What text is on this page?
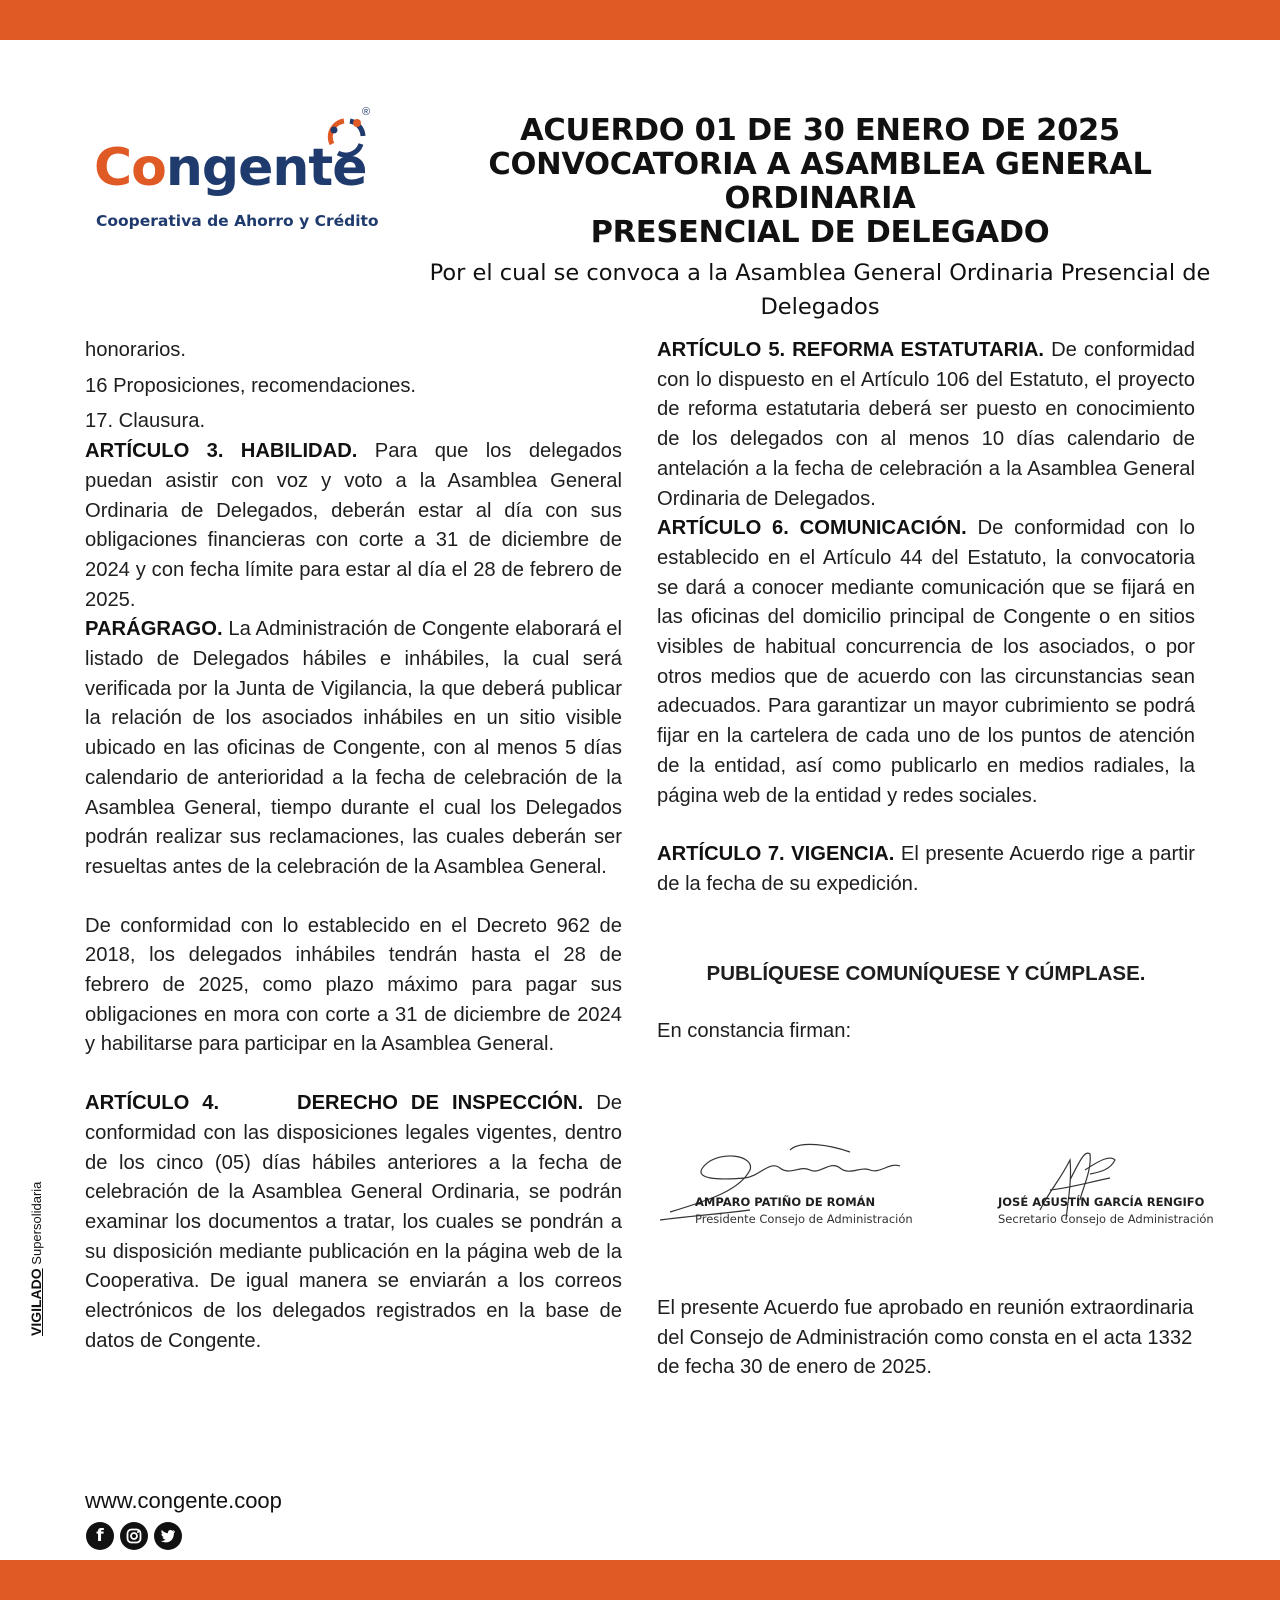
®
Congente
Cooperativa de Ahorro y Crédito
ACUERDO 01 DE 30 ENERO DE 2025
CONVOCATORIA A ASAMBLEA GENERAL ORDINARIA
PRESENCIAL DE DELEGADO
Por el cual se convoca a la Asamblea General Ordinaria Presencial de
Delegados

honorarios.

16 Proposiciones, recomendaciones.

17. Clausura.

ARTÍCULO 3. HABILIDAD. Para que los delegados puedan asistir con voz y voto a la Asamblea General Ordinaria de Delegados, deberán estar al día con sus obligaciones financieras con corte a 31 de diciembre de 2024 y con fecha límite para estar al día el 28 de febrero de 2025.

PARÁGRAGO. La Administración de Congente elaborará el listado de Delegados hábiles e inhábiles, la cual será verificada por la Junta de Vigilancia, la que deberá publicar la relación de los asociados inhábiles en un sitio visible ubicado en las oficinas de Congente, con al menos 5 días calendario de anterioridad a la fecha de celebración de la Asamblea General, tiempo durante el cual los Delegados podrán realizar sus reclamaciones, las cuales deberán ser resueltas antes de la celebración de la Asamblea General.

De conformidad con lo establecido en el Decreto 962 de 2018, los delegados inhábiles tendrán hasta el 28 de febrero de 2025, como plazo máximo para pagar sus obligaciones en mora con corte a 31 de diciembre de 2024 y habilitarse para participar en la Asamblea General.

ARTÍCULO 4.      DERECHO DE INSPECCIÓN. De conformidad con las disposiciones legales vigentes, dentro de los cinco (05) días hábiles anteriores a la fecha de celebración de la Asamblea General Ordinaria, se podrán examinar los documentos a tratar, los cuales se pondrán a su disposición mediante publicación en la página web de la Cooperativa. De igual manera se enviarán a los correos electrónicos de los delegados registrados en la base de datos de Congente.

ARTÍCULO 5. REFORMA ESTATUTARIA. De conformidad con lo dispuesto en el Artículo 106 del Estatuto, el proyecto de reforma estatutaria deberá ser puesto en conocimiento de los delegados con al menos 10 días calendario de antelación a la fecha de celebración a la Asamblea General Ordinaria de Delegados.

ARTÍCULO 6. COMUNICACIÓN. De conformidad con lo establecido en el Artículo 44 del Estatuto, la convocatoria se dará a conocer mediante comunicación que se fijará en las oficinas del domicilio principal de Congente o en sitios visibles de habitual concurrencia de los asociados, o por otros medios que de acuerdo con las circunstancias sean adecuados. Para garantizar un mayor cubrimiento se podrá fijar en la cartelera de cada uno de los puntos de atención de la entidad, así como publicarlo en medios radiales, la página web de la entidad y redes sociales.

ARTÍCULO 7. VIGENCIA. El presente Acuerdo rige a partir de la fecha de su expedición.

PUBLÍQUESE COMUNÍQUESE Y CÚMPLASE.

En constancia firman:

AMPARO PATIÑO DE ROMÁN
Presidente Consejo de Administración
JOSÉ AGUSTÍN GARCÍA RENGIFO
Secretario Consejo de Administración

El presente Acuerdo fue aprobado en reunión extraordinaria del Consejo de Administración como consta en el acta 1332 de fecha 30 de enero de 2025.

VIGILADO Supersolidaria
www.congente.coop
f
